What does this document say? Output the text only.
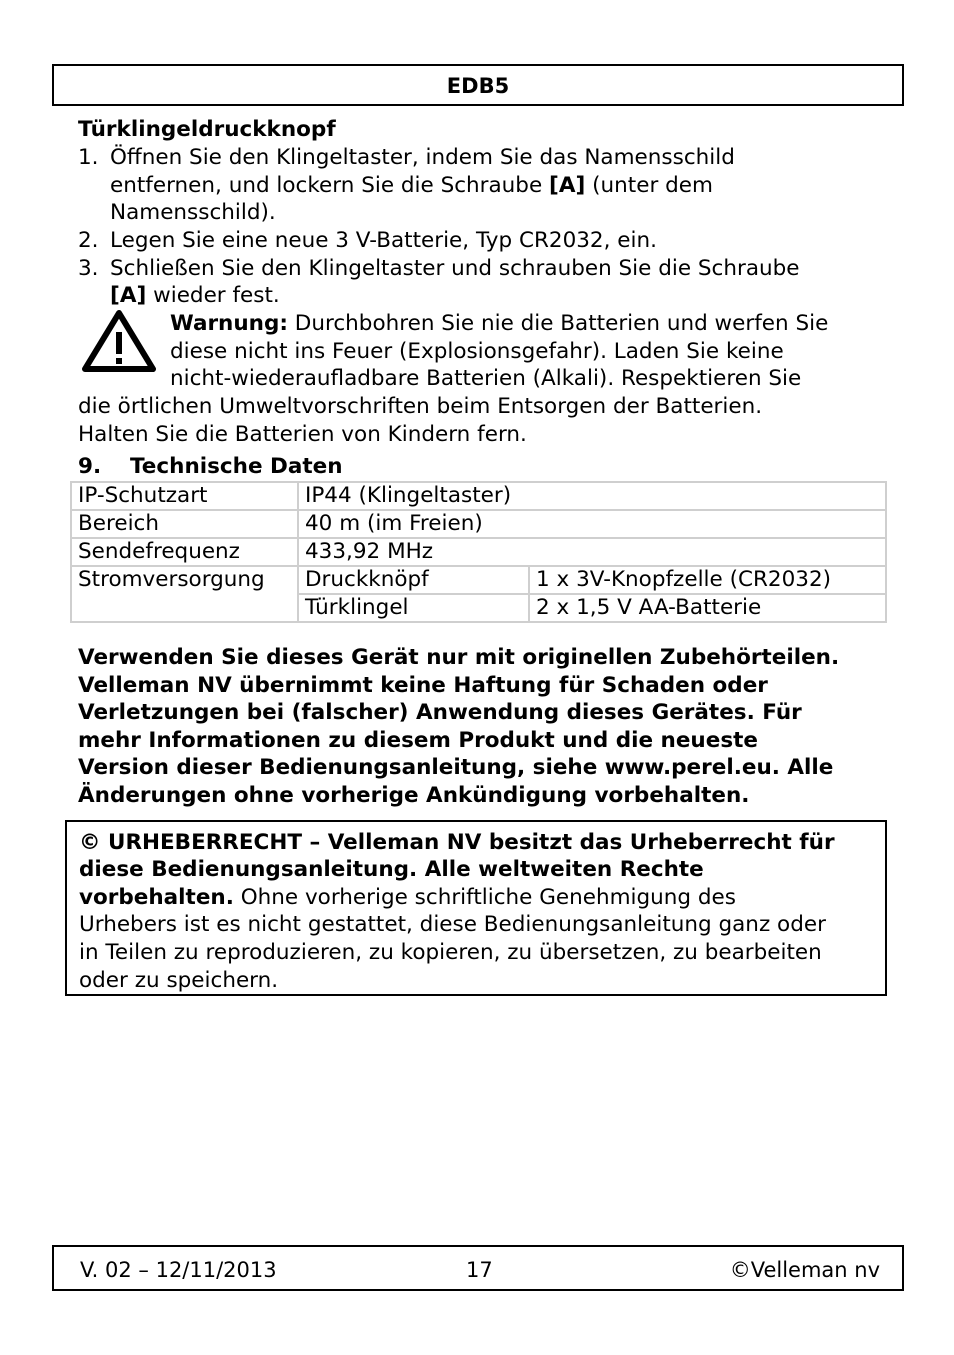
EDB5
Türklingeldruckknopf
1. Öffnen Sie den Klingeltaster, indem Sie das Namensschild
entfernen, und lockern Sie die Schraube [A] (unter dem
Namensschild).
2. Legen Sie eine neue 3 V-Batterie, Typ CR2032, ein.
3. Schließen Sie den Klingeltaster und schrauben Sie die Schraube
[A] wieder fest.
Warnung: Durchbohren Sie nie die Batterien und werfen Sie
diese nicht ins Feuer (Explosionsgefahr). Laden Sie keine
nicht-wiederaufladbare Batterien (Alkali). Respektieren Sie
die örtlichen Umweltvorschriften beim Entsorgen der Batterien.
Halten Sie die Batterien von Kindern fern.
9. Technische Daten
IP-Schutzart	IP44 (Klingeltaster)	
Bereich	40 m (im Freien)	
Sendefrequenz	433,92 MHz	
Stromversorgung	Druckknöpf	1 x 3V-Knopfzelle (CR2032)
	Türklingel	2 x 1,5 V AA-Batterie
Verwenden Sie dieses Gerät nur mit originellen Zubehörteilen.
Velleman NV übernimmt keine Haftung für Schaden oder
Verletzungen bei (falscher) Anwendung dieses Gerätes. Für
mehr Informationen zu diesem Produkt und die neueste
Version dieser Bedienungsanleitung, siehe www.perel.eu. Alle
Änderungen ohne vorherige Ankündigung vorbehalten.
© URHEBERRECHT – Velleman NV besitzt das Urheberrecht für
diese Bedienungsanleitung. Alle weltweiten Rechte
vorbehalten. Ohne vorherige schriftliche Genehmigung des
Urhebers ist es nicht gestattet, diese Bedienungsanleitung ganz oder
in Teilen zu reproduzieren, zu kopieren, zu übersetzen, zu bearbeiten
oder zu speichern.
V. 02 – 12/11/2013	17	©Velleman nv
